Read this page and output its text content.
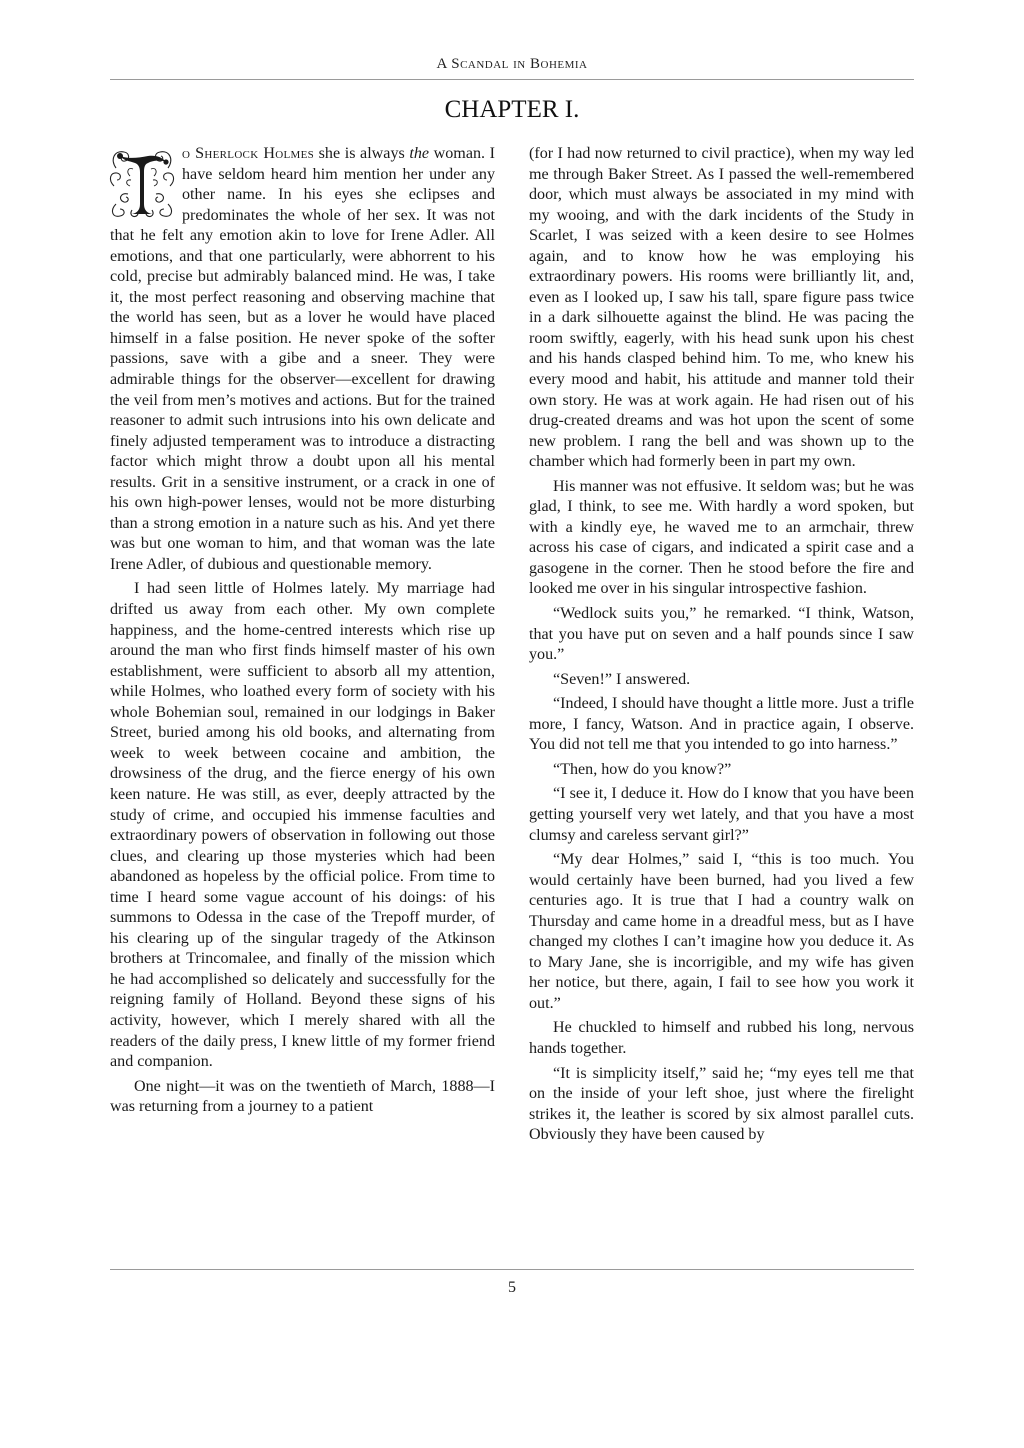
A Scandal in Bohemia
CHAPTER I.

o Sherlock Holmes she is always the woman. I have seldom heard him mention her under any other name. In his eyes she eclipses and predominates the whole of her sex. It was not that he felt any emotion akin to love for Irene Adler. All emotions, and that one particularly, were abhorrent to his cold, precise but admirably balanced mind. He was, I take it, the most perfect reasoning and observing machine that the world has seen, but as a lover he would have placed himself in a false position. He never spoke of the softer passions, save with a gibe and a sneer. They were admirable things for the observer—excellent for drawing the veil from men’s motives and actions. But for the trained reasoner to admit such intrusions into his own delicate and finely adjusted temperament was to introduce a distracting factor which might throw a doubt upon all his mental results. Grit in a sensitive instrument, or a crack in one of his own high-power lenses, would not be more disturbing than a strong emotion in a nature such as his. And yet there was but one woman to him, and that woman was the late Irene Adler, of dubious and questionable memory.

I had seen little of Holmes lately. My marriage had drifted us away from each other. My own complete happiness, and the home-centred interests which rise up around the man who first finds himself master of his own establishment, were sufficient to absorb all my attention, while Holmes, who loathed every form of society with his whole Bohemian soul, remained in our lodgings in Baker Street, buried among his old books, and alternating from week to week between cocaine and ambition, the drowsiness of the drug, and the fierce energy of his own keen nature. He was still, as ever, deeply attracted by the study of crime, and occupied his immense faculties and extraordinary powers of observation in following out those clues, and clearing up those mysteries which had been abandoned as hopeless by the official police. From time to time I heard some vague account of his doings: of his summons to Odessa in the case of the Trepoff murder, of his clearing up of the singular tragedy of the Atkinson brothers at Trincomalee, and finally of the mission which he had accomplished so delicately and successfully for the reigning family of Holland. Beyond these signs of his activity, however, which I merely shared with all the readers of the daily press, I knew little of my former friend and companion.

One night—it was on the twentieth of March, 1888—I was returning from a journey to a patient

(for I had now returned to civil practice), when my way led me through Baker Street. As I passed the well-remembered door, which must always be associated in my mind with my wooing, and with the dark incidents of the Study in Scarlet, I was seized with a keen desire to see Holmes again, and to know how he was employing his extraordinary powers. His rooms were brilliantly lit, and, even as I looked up, I saw his tall, spare figure pass twice in a dark silhouette against the blind. He was pacing the room swiftly, eagerly, with his head sunk upon his chest and his hands clasped behind him. To me, who knew his every mood and habit, his attitude and manner told their own story. He was at work again. He had risen out of his drug-created dreams and was hot upon the scent of some new problem. I rang the bell and was shown up to the chamber which had formerly been in part my own.

His manner was not effusive. It seldom was; but he was glad, I think, to see me. With hardly a word spoken, but with a kindly eye, he waved me to an armchair, threw across his case of cigars, and indicated a spirit case and a gasogene in the corner. Then he stood before the fire and looked me over in his singular introspective fashion.

“Wedlock suits you,” he remarked. “I think, Watson, that you have put on seven and a half pounds since I saw you.”

“Seven!” I answered.

“Indeed, I should have thought a little more. Just a trifle more, I fancy, Watson. And in practice again, I observe. You did not tell me that you intended to go into harness.”

“Then, how do you know?”

“I see it, I deduce it. How do I know that you have been getting yourself very wet lately, and that you have a most clumsy and careless servant girl?”

“My dear Holmes,” said I, “this is too much. You would certainly have been burned, had you lived a few centuries ago. It is true that I had a country walk on Thursday and came home in a dreadful mess, but as I have changed my clothes I can’t imagine how you deduce it. As to Mary Jane, she is incorrigible, and my wife has given her notice, but there, again, I fail to see how you work it out.”

He chuckled to himself and rubbed his long, nervous hands together.

“It is simplicity itself,” said he; “my eyes tell me that on the inside of your left shoe, just where the firelight strikes it, the leather is scored by six almost parallel cuts. Obviously they have been caused by

5
